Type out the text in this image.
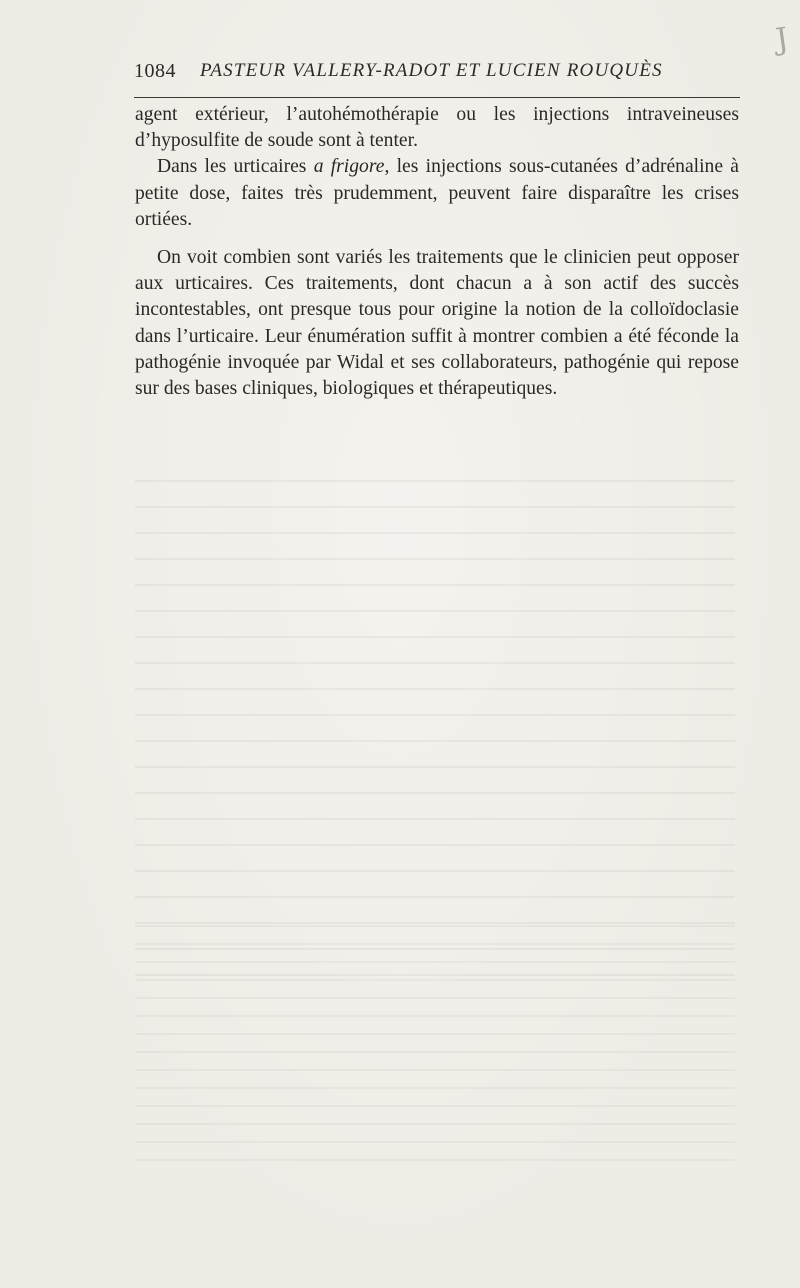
J
1084 PASTEUR VALLERY-RADOT ET LUCIEN ROUQUÈS

agent extérieur, l’autohémothérapie ou les injections intraveineuses d’hyposulfite de soude sont à tenter.

Dans les urticaires a frigore, les injections sous-cutanées d’adrénaline à petite dose, faites très prudemment, peuvent faire disparaître les crises ortiées.

On voit combien sont variés les traitements que le clinicien peut opposer aux urticaires. Ces traitements, dont chacun a à son actif des succès incontestables, ont presque tous pour origine la notion de la colloïdoclasie dans l’urticaire. Leur énumération suffit à montrer combien a été féconde la pathogénie invoquée par Widal et ses collaborateurs, pathogénie qui repose sur des bases cliniques, biologiques et thérapeutiques.
